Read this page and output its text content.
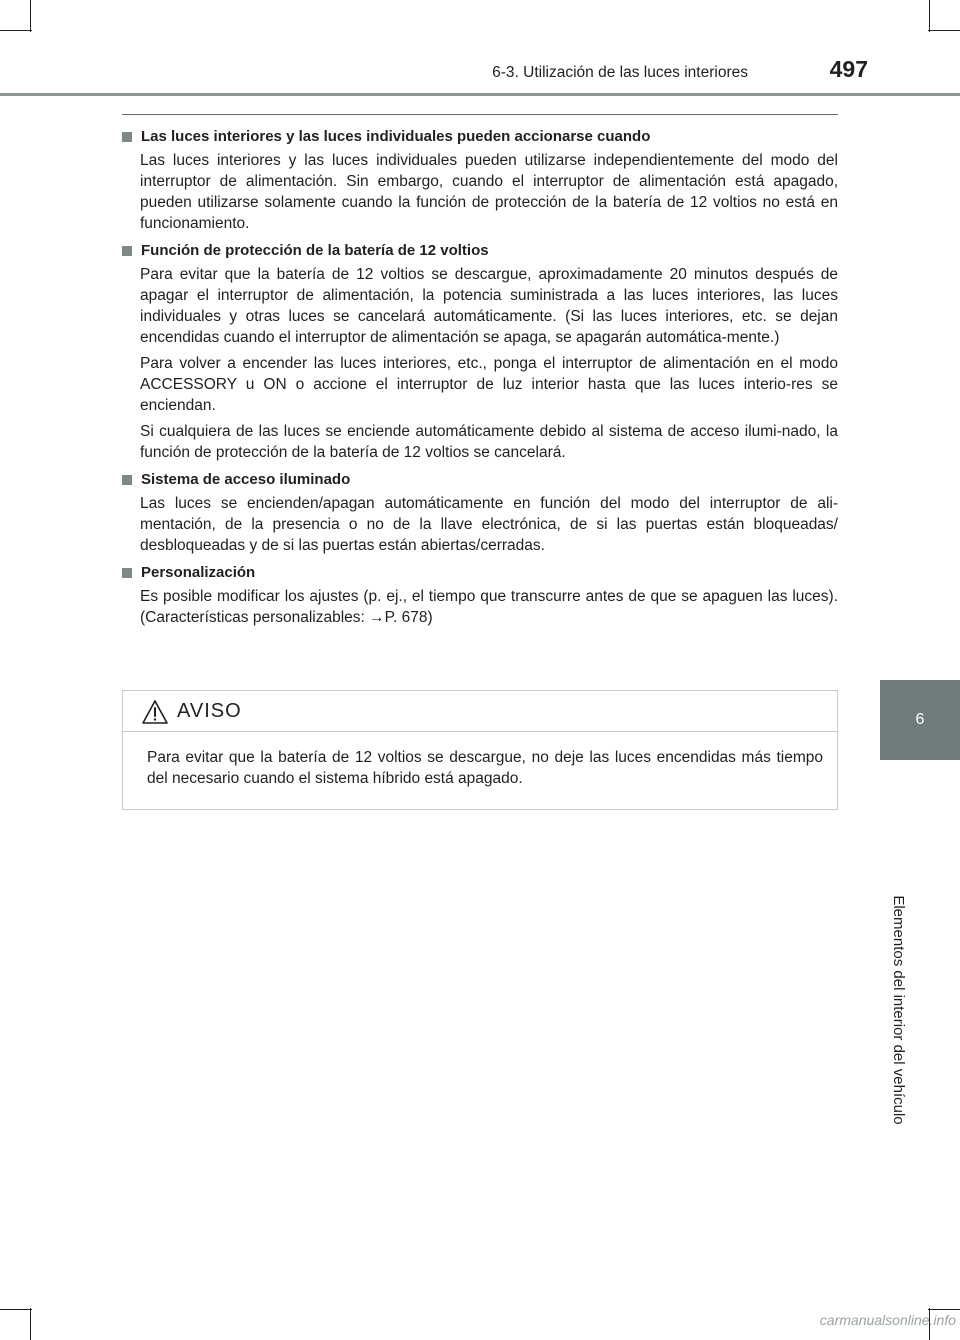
6-3. Utilización de las luces interiores	497
6
Elementos del interior del vehículo
Las luces interiores y las luces individuales pueden accionarse cuando

Las luces interiores y las luces individuales pueden utilizarse independientemente del modo del interruptor de alimentación. Sin embargo, cuando el interruptor de alimentación está apagado, pueden utilizarse solamente cuando la función de protección de la batería de 12 voltios no está en funcionamiento.

Función de protección de la batería de 12 voltios

Para evitar que la batería de 12 voltios se descargue, aproximadamente 20 minutos después de apagar el interruptor de alimentación, la potencia suministrada a las luces interiores, las luces individuales y otras luces se cancelará automáticamente. (Si las luces interiores, etc. se dejan encendidas cuando el interruptor de alimentación se apaga, se apagarán automática-mente.)

Para volver a encender las luces interiores, etc., ponga el interruptor de alimentación en el modo ACCESSORY u ON o accione el interruptor de luz interior hasta que las luces interio-res se enciendan.

Si cualquiera de las luces se enciende automáticamente debido al sistema de acceso ilumi-nado, la función de protección de la batería de 12 voltios se cancelará.

Sistema de acceso iluminado

Las luces se encienden/apagan automáticamente en función del modo del interruptor de ali-mentación, de la presencia o no de la llave electrónica, de si las puertas están bloqueadas/ desbloqueadas y de si las puertas están abiertas/cerradas.

Personalización

Es posible modificar los ajustes (p. ej., el tiempo que transcurre antes de que se apaguen las luces). (Características personalizables: →P. 678)

AVISO
Para evitar que la batería de 12 voltios se descargue, no deje las luces encendidas más tiempo del necesario cuando el sistema híbrido está apagado.
carmanualsonline.info
